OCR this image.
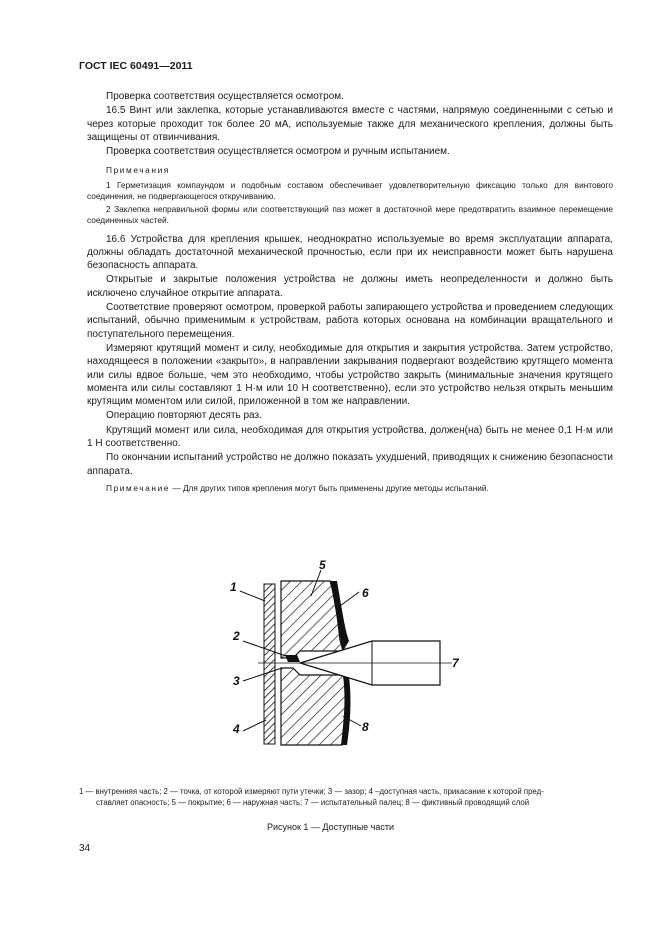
ГОСТ IEC 60491—2011

Проверка соответствия осуществляется осмотром.

16.5 Винт или заклепка, которые устанавливаются вместе с частями, напрямую соединенными с сетью и через которые проходит ток более 20 мА, используемые также для механического крепления, должны быть защищены от отвинчивания.

Проверка соответствия осуществляется осмотром и ручным испытанием.

Примечания

1 Герметизация компаундом и подобным составом обеспечивает удовлетворительную фиксацию только для винтового соединения, не подвергающегося откручиванию.

2 Заклепка неправильной формы или соответствующий паз может в достаточной мере предотвратить взаимное перемещение соединенных частей.

16.6 Устройства для крепления крышек, неоднократно используемые во время эксплуатации аппарата, должны обладать достаточной механической прочностью, если при их неисправности может быть нарушена безопасность аппарата.

Открытые и закрытые положения устройства не должны иметь неопределенности и должно быть исключено случайное открытие аппарата.

Соответствие проверяют осмотром, проверкой работы запирающего устройства и проведением следующих испытаний, обычно применимым к устройствам, работа которых основана на комбинации вращательного и поступательного перемещения.

Измеряют крутящий момент и силу, необходимые для открытия и закрытия устройства. Затем устройство, находящееся в положении «закрыто», в направлении закрывания подвергают воздействию крутящего момента или силы вдвое больше, чем это необходимо, чтобы устройство закрыть (минимальные значения крутящего момента или силы составляют 1 Н·м или 10 Н соответственно), если это устройство нельзя открыть меньшим крутящим моментом или силой, приложенной в том же направлении.

Операцию повторяют десять раз.

Крутящий момент или сила, необходимая для открытия устройства, должен(на) быть не менее 0,1 Н·м или 1 Н соответственно.

По окончании испытаний устройство не должно показать ухудшений, приводящих к снижению безопасности аппарата.

Примечание — Для других типов крепления могут быть применены другие методы испытаний.

1
2
3
4
5
6
7
8
1 — внутренняя часть; 2 — точка, от которой измеряют пути утечки; 3 — зазор; 4 –доступная часть, прикасание к которой пред-
ставляет опасность; 5 — покрытие; 6 — наружная часть; 7 — испытательный палец; 8 — фиктивный проводящий слой
Рисунок 1 — Доступные части
34
